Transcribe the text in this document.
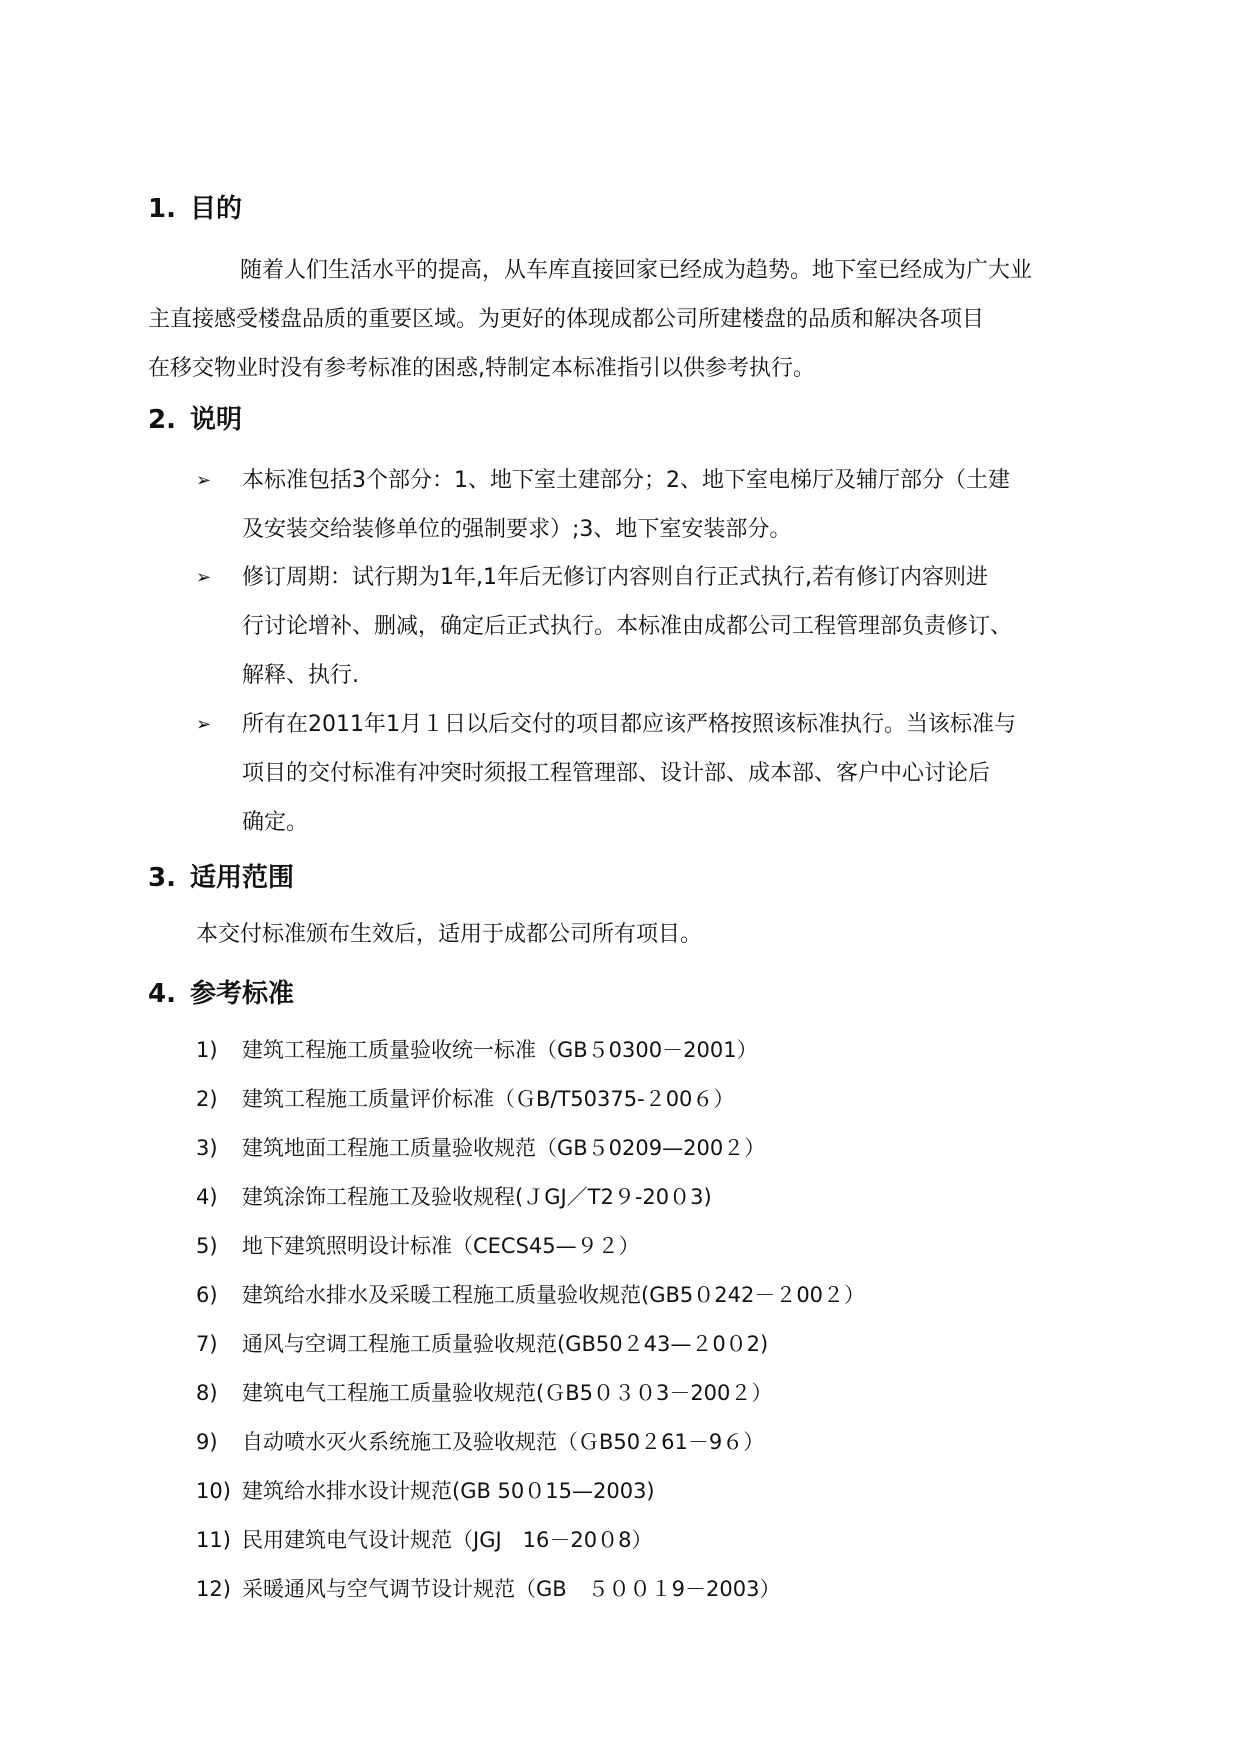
1. 目的
随着人们生活水平的提高，从车库直接回家已经成为趋势。地下室已经成为广大业
主直接感受楼盘品质的重要区域。为更好的体现成都公司所建楼盘的品质和解决各项目
在移交物业时没有参考标准的困惑,特制定本标准指引以供参考执行。
2. 说明
➢	本标准包括3个部分：1、地下室土建部分；2、地下室电梯厅及辅厅部分（土建
及安装交给装修单位的强制要求）;3、地下室安装部分。
➢	修订周期：试行期为1年,1年后无修订内容则自行正式执行,若有修订内容则进
行讨论增补、删减，确定后正式执行。本标准由成都公司工程管理部负责修订、
解释、执行.
➢	所有在2011年1月１日以后交付的项目都应该严格按照该标准执行。当该标准与
项目的交付标准有冲突时须报工程管理部、设计部、成本部、客户中心讨论后
确定。
3. 适用范围
本交付标准颁布生效后，适用于成都公司所有项目。
4. 参考标准
1) 建筑工程施工质量验收统一标准（GB５0300－2001）
2) 建筑工程施工质量评价标准（ＧB/T50375-２00６）
3) 建筑地面工程施工质量验收规范（GB５0209—200２）
4) 建筑涂饰工程施工及验收规程(ＪGJ／T2９-20０3)
5) 地下建筑照明设计标准（CECS45—９２）
6) 建筑给水排水及采暖工程施工质量验收规范(GB5０242－２00２）
7) 通风与空调工程施工质量验收规范(GB50２43—２0０2)
8) 建筑电气工程施工质量验收规范(ＧB5０３０3－200２）
9) 自动喷水灭火系统施工及验收规范（ＧB50２61－9６）
10) 建筑给水排水设计规范(GB 50０15—2003)
11) 民用建筑电气设计规范（JGJ　16－20０8）
12) 采暖通风与空气调节设计规范（GB　５００１9－2003）
